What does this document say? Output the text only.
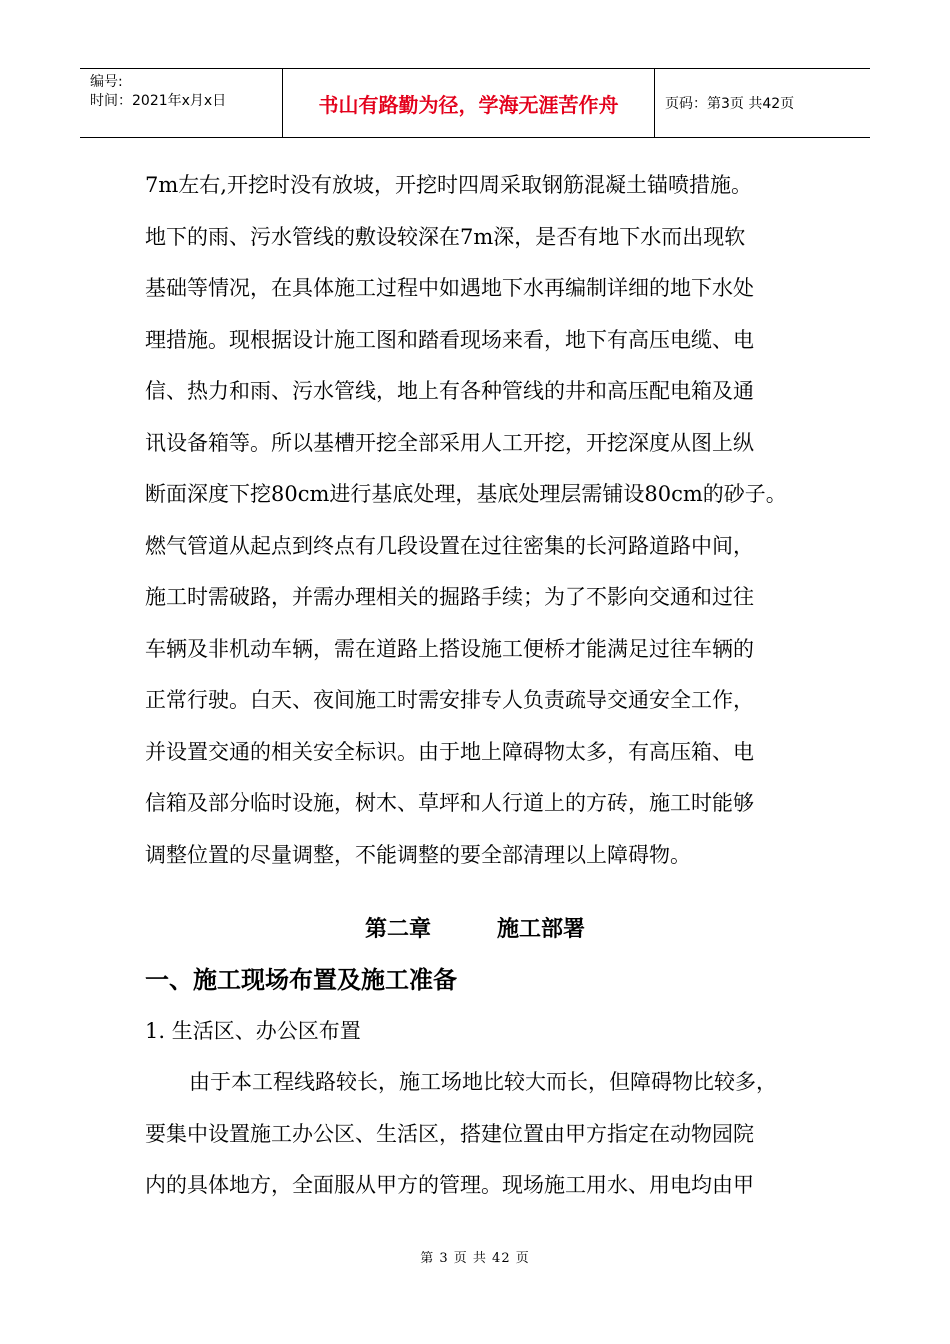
编号:
时间：2021年x月x日	书山有路勤为径，学海无涯苦作舟	页码：第3页 共42页
7m左右,开挖时没有放坡，开挖时四周采取钢筋混凝土锚喷措施。
地下的雨、污水管线的敷设较深在7m深，是否有地下水而出现软
基础等情况，在具体施工过程中如遇地下水再编制详细的地下水处
理措施。现根据设计施工图和踏看现场来看，地下有高压电缆、电
信、热力和雨、污水管线，地上有各种管线的井和高压配电箱及通
讯设备箱等。所以基槽开挖全部采用人工开挖，开挖深度从图上纵
断面深度下挖80cm进行基底处理，基底处理层需铺设80cm的砂子。
燃气管道从起点到终点有几段设置在过往密集的长河路道路中间，
施工时需破路，并需办理相关的掘路手续；为了不影向交通和过往
车辆及非机动车辆，需在道路上搭设施工便桥才能满足过往车辆的
正常行驶。白天、夜间施工时需安排专人负责疏导交通安全工作，
并设置交通的相关安全标识。由于地上障碍物太多，有高压箱、电
信箱及部分临时设施，树木、草坪和人行道上的方砖，施工时能够
调整位置的尽量调整，不能调整的要全部清理以上障碍物。
第二章	施工部署
一、施工现场布置及施工准备
1. 生活区、办公区布置
由于本工程线路较长，施工场地比较大而长，但障碍物比较多，
要集中设置施工办公区、生活区，搭建位置由甲方指定在动物园院
内的具体地方，全面服从甲方的管理。现场施工用水、用电均由甲
第 3 页 共 42 页
